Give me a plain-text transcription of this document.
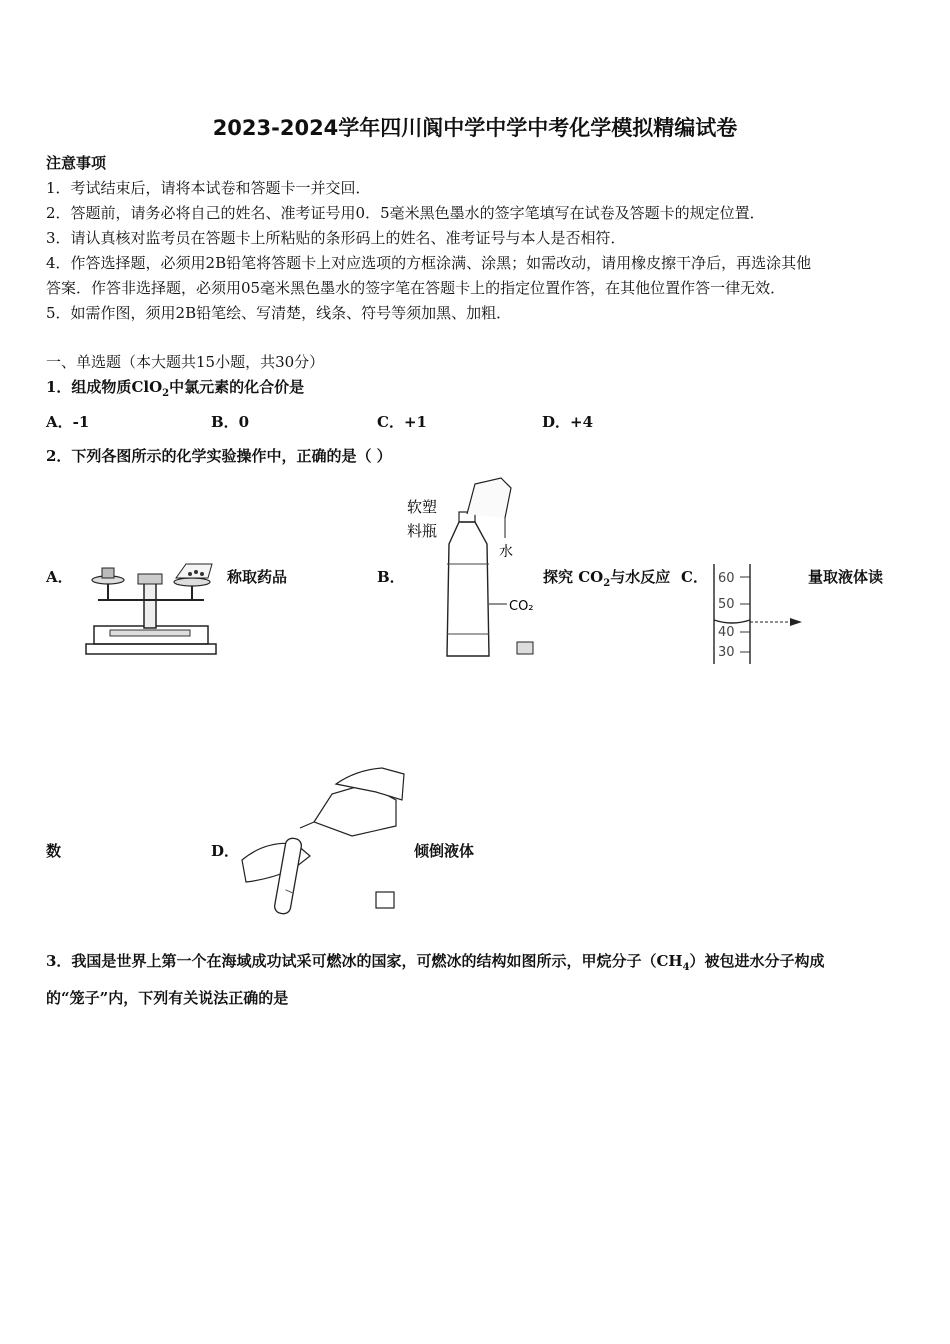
2023-2024学年四川阆中学中学中考化学模拟精编试卷
注意事项
1．考试结束后，请将本试卷和答题卡一并交回．
2．答题前，请务必将自己的姓名、准考证号用0．5毫米黑色墨水的签字笔填写在试卷及答题卡的规定位置．
3．请认真核对监考员在答题卡上所粘贴的条形码上的姓名、准考证号与本人是否相符．
4．作答选择题，必须用2B铅笔将答题卡上对应选项的方框涂满、涂黑；如需改动，请用橡皮擦干净后，再选涂其他
答案．作答非选择题，必须用05毫米黑色墨水的签字笔在答题卡上的指定位置作答，在其他位置作答一律无效．
5．如需作图，须用2B铅笔绘、写清楚，线条、符号等须加黑、加粗．
一、单选题（本大题共15小题，共30分）
1．组成物质ClO$_2$中氯元素的化合价是
A．-1	B．0	C．+1	D．+4
2．下列各图所示的化学实验操作中，正确的是（ ）
A．	称取药品	B．
软塑
料瓶
CO₂
水
探究 $CO_2$与水反应 C． 60
50
40
30
量取液体读
数	D．	倾倒液体
3．我国是世界上第一个在海域成功试采可燃冰的国家，可燃冰的结构如图所示，甲烷分子$(CH_4)$被包进水分子构成
的“笼子”内，下列有关说法正确的是
